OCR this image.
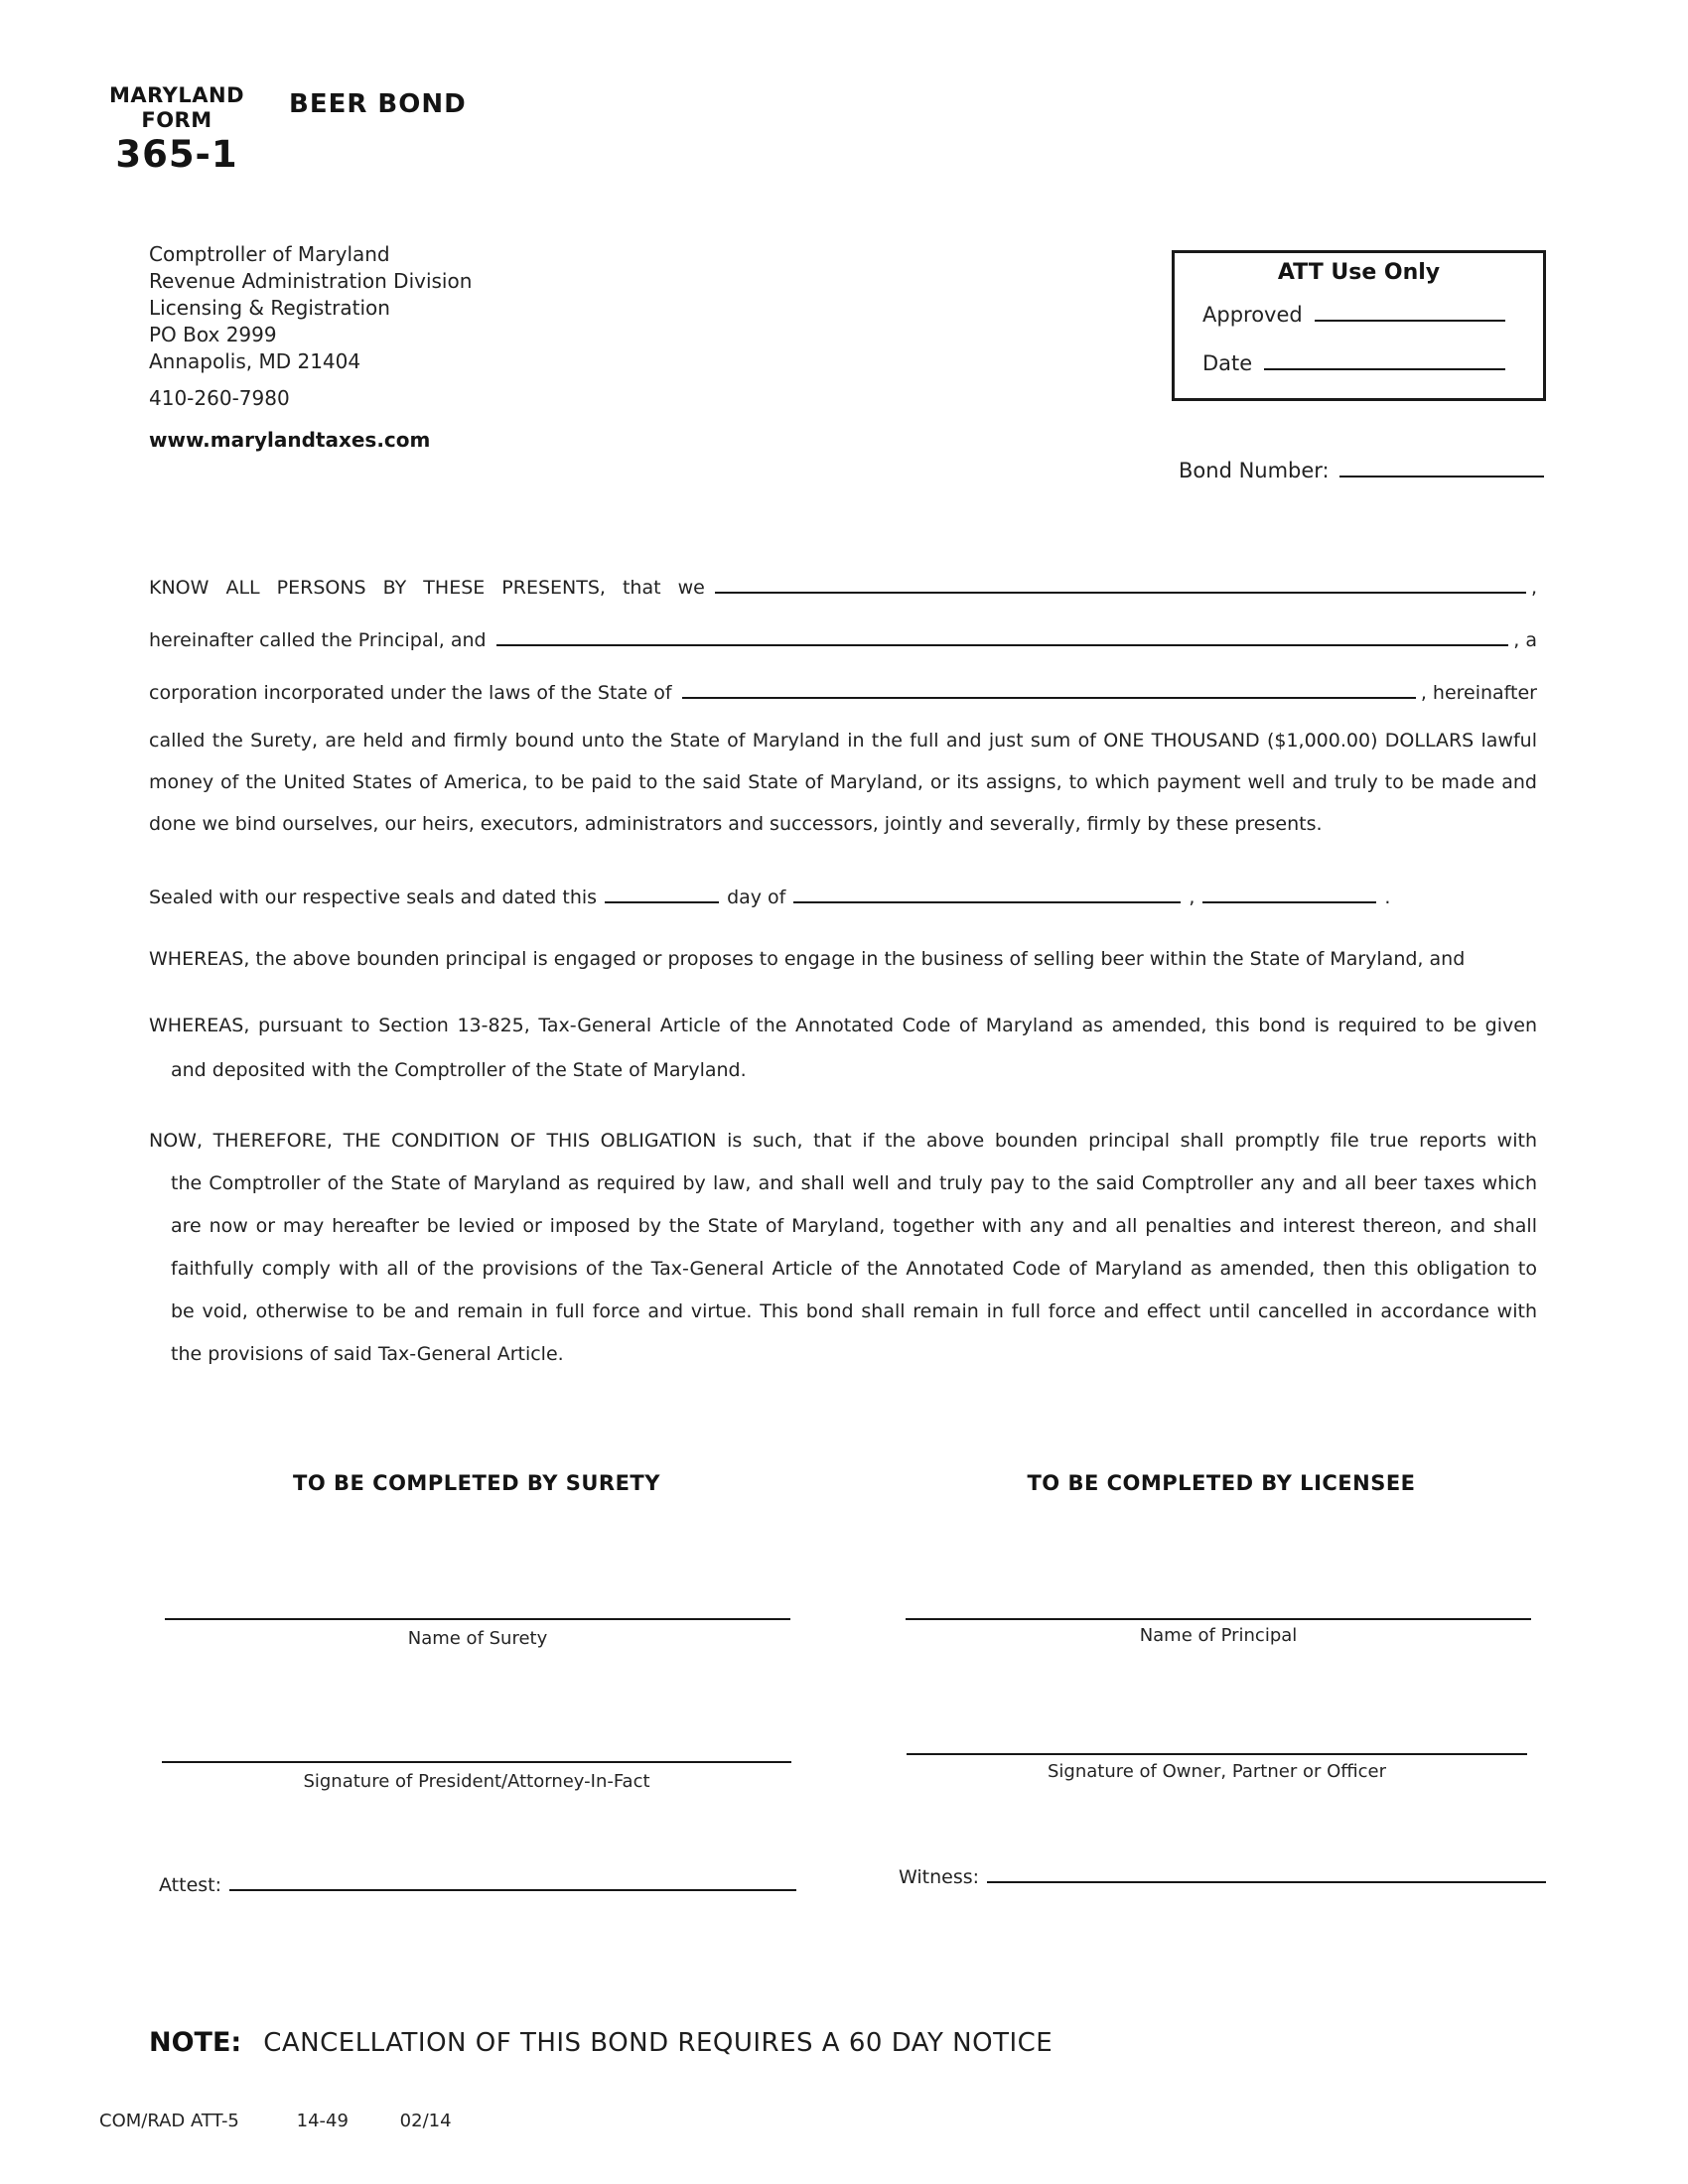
MARYLAND
FORM
365-1
BEER BOND
Comptroller of Maryland
Revenue Administration Division
Licensing & Registration
PO Box 2999
Annapolis, MD 21404
410-260-7980
www.marylandtaxes.com
ATT Use Only
Approved
Date
Bond Number:
KNOW ALL PERSONS BY THESE PRESENTS, that we	,
hereinafter called the Principal, and	, a
corporation incorporated under the laws of the State of	, hereinafter
called the Surety, are held and firmly bound unto the State of Maryland in the full and just sum of ONE THOUSAND ($1,000.00) DOLLARS lawful
money of the United States of America, to be paid to the said State of Maryland, or its assigns, to which payment well and truly to be made and
done we bind ourselves, our heirs, executors, administrators and successors, jointly and severally, firmly by these presents.
Sealed with our respective seals and dated this	day of	,	.
WHEREAS, the above bounden principal is engaged or proposes to engage in the business of selling beer within the State of Maryland, and
WHEREAS, pursuant to Section 13-825, Tax-General Article of the Annotated Code of Maryland as amended, this bond is required to be given
and deposited with the Comptroller of the State of Maryland.
NOW, THEREFORE, THE CONDITION OF THIS OBLIGATION is such, that if the above bounden principal shall promptly file true reports with
the Comptroller of the State of Maryland as required by law, and shall well and truly pay to the said Comptroller any and all beer taxes which
are now or may hereafter be levied or imposed by the State of Maryland, together with any and all penalties and interest thereon, and shall
faithfully comply with all of the provisions of the Tax-General Article of the Annotated Code of Maryland as amended, then this obligation to
be void, otherwise to be and remain in full force and virtue. This bond shall remain in full force and effect until cancelled in accordance with
the provisions of said Tax-General Article.
TO BE COMPLETED BY SURETY	TO BE COMPLETED BY LICENSEE
Name of Surety	Name of Principal
Signature of President/Attorney-In-Fact	Signature of Owner, Partner or Officer
Attest:	Witness:
NOTE: CANCELLATION OF THIS BOND REQUIRES A 60 DAY NOTICE
COM/RAD ATT-5	14-49	02/14
